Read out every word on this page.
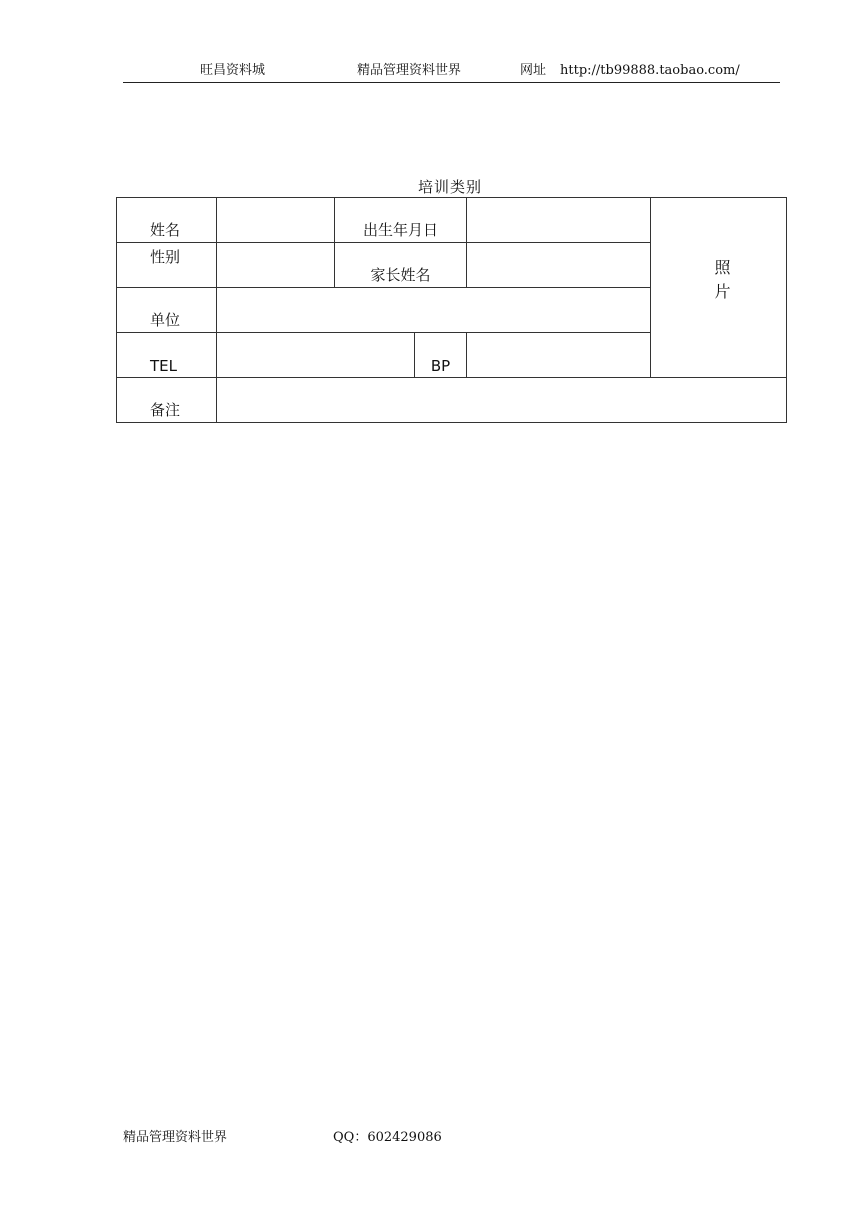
旺昌资料城	精品管理资料世界	网址 http://tb99888.taobao.com/
培训类别
姓名		出生年月日			照
片

性别		家长姓名			
单位					
TEL			BP		
备注					
精品管理资料世界	QQ：602429086
